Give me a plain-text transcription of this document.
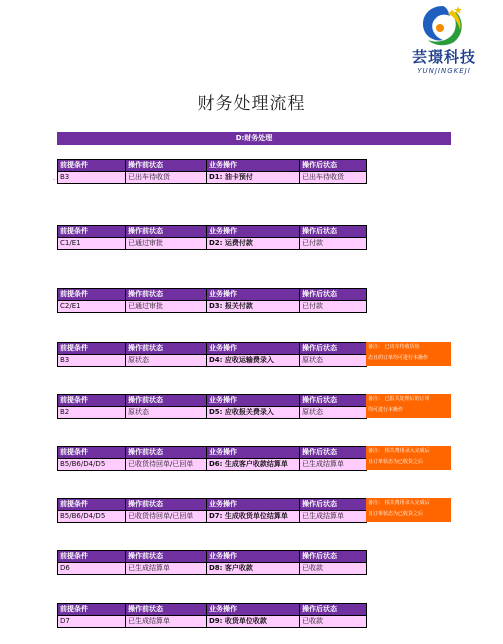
芸璟科技
YUNJINGKEJI
财务处理流程
D:财务处理
.
前提条件	操作前状态	业务操作	操作后状态
B3	已出车待收货	D1: 油卡预付	已出车待收货
前提条件	操作前状态	业务操作	操作后状态
C1/E1	已通过审批	D2: 运费付款	已付款
前提条件	操作前状态	业务操作	操作后状态
C2/E1	已通过审批	D3: 报关付款	已付款
前提条件	操作前状态	业务操作	操作后状态
B3	原状态	D4: 应收运输费录入	原状态
备注： 已出车待收货状
态且的订单均可进行本操作
前提条件	操作前状态	业务操作	操作后状态
B2	原状态	D5: 应收报关费录入	原状态
备注： 已报关处理后的订单
均可进行本操作
前提条件	操作前状态	业务操作	操作后状态
B5/B6/D4/D5	已收货待回单/已回单	D6: 生成客户收款结算单	已生成结算单
备注： 相关费用录入完成后
且订单状态为已收货之后
前提条件	操作前状态	业务操作	操作后状态
B5/B6/D4/D5	已收货待回单/已回单	D7: 生成收货单位结算单	已生成结算单
备注： 相关费用录入完成后
且订单状态为已收货之后
前提条件	操作前状态	业务操作	操作后状态
D6	已生成结算单	D8: 客户收款	已收款
前提条件	操作前状态	业务操作	操作后状态
D7	已生成结算单	D9: 收货单位收款	已收款
